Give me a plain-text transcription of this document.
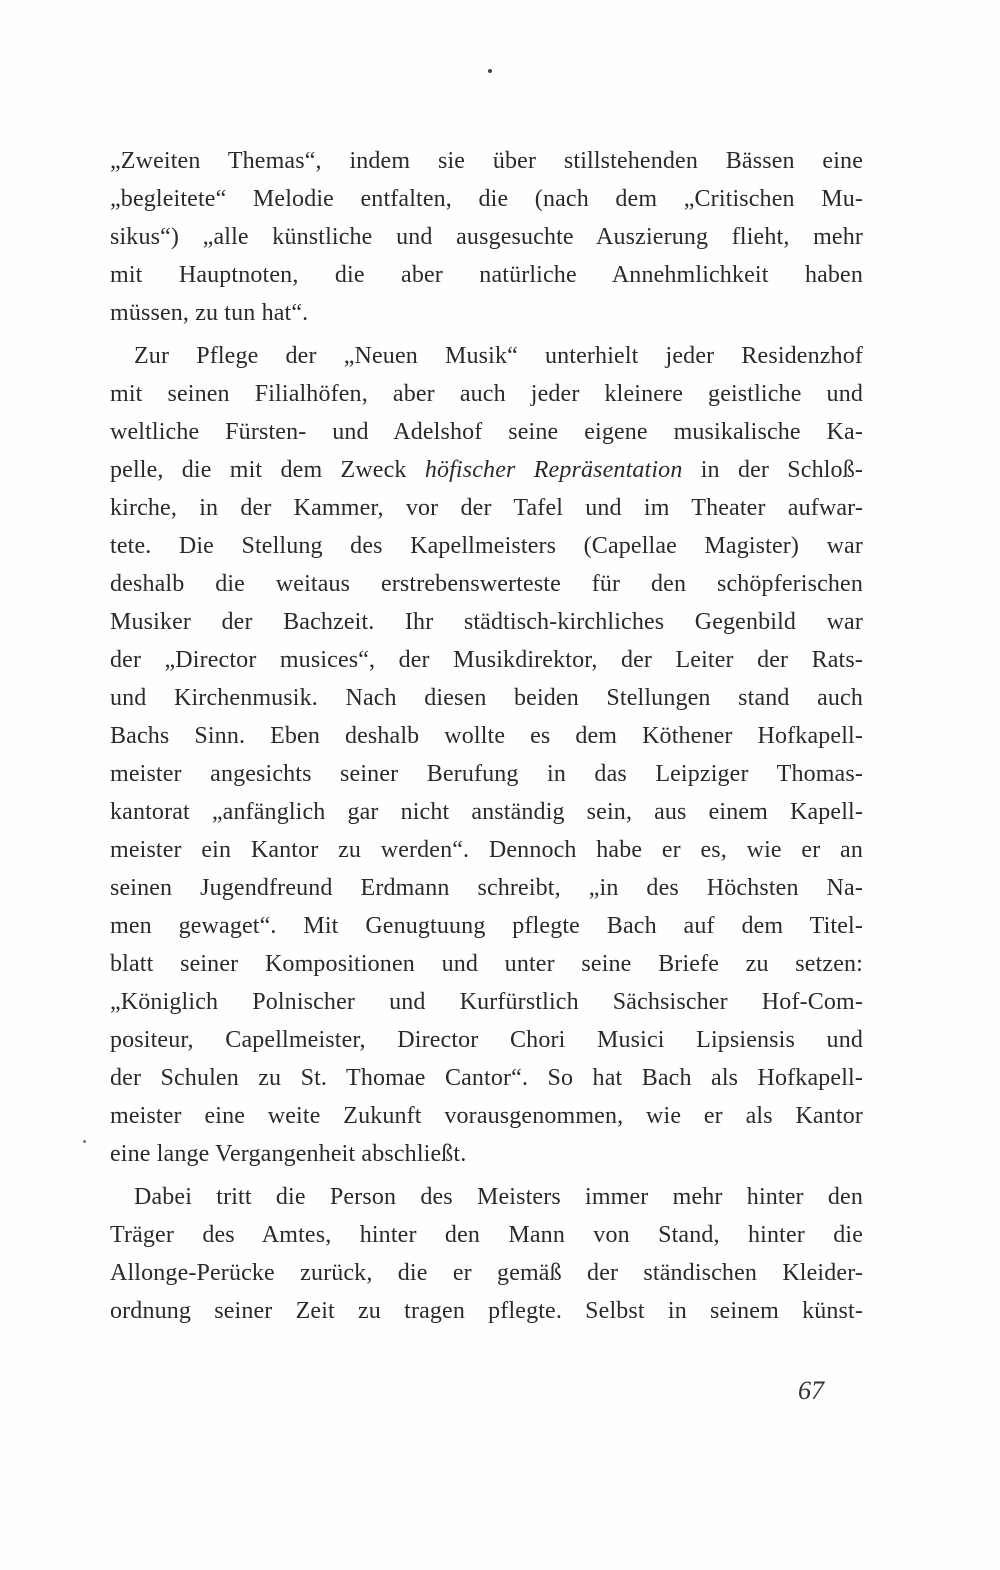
„Zweiten Themas“, indem sie über stillstehenden Bässen eine
„begleitete“ Melodie entfalten, die (nach dem „Critischen Mu-
sikus“) „alle künstliche und ausgesuchte Auszierung flieht, mehr
mit Hauptnoten, die aber natürliche Annehmlichkeit haben
müssen, zu tun hat“.
Zur Pflege der „Neuen Musik“ unterhielt jeder Residenzhof
mit seinen Filialhöfen, aber auch jeder kleinere geistliche und
weltliche Fürsten- und Adelshof seine eigene musikalische Ka-
pelle, die mit dem Zweck höfischer Repräsentation in der Schloß-
kirche, in der Kammer, vor der Tafel und im Theater aufwar-
tete. Die Stellung des Kapellmeisters (Capellae Magister) war
deshalb die weitaus erstrebenswerteste für den schöpferischen
Musiker der Bachzeit. Ihr städtisch-kirchliches Gegenbild war
der „Director musices“, der Musikdirektor, der Leiter der Rats-
und Kirchenmusik. Nach diesen beiden Stellungen stand auch
Bachs Sinn. Eben deshalb wollte es dem Köthener Hofkapell-
meister angesichts seiner Berufung in das Leipziger Thomas-
kantorat „anfänglich gar nicht anständig sein, aus einem Kapell-
meister ein Kantor zu werden“. Dennoch habe er es, wie er an
seinen Jugendfreund Erdmann schreibt, „in des Höchsten Na-
men gewaget“. Mit Genugtuung pflegte Bach auf dem Titel-
blatt seiner Kompositionen und unter seine Briefe zu setzen:
„Königlich Polnischer und Kurfürstlich Sächsischer Hof-Com-
positeur, Capellmeister, Director Chori Musici Lipsiensis und
der Schulen zu St. Thomae Cantor“. So hat Bach als Hofkapell-
meister eine weite Zukunft vorausgenommen, wie er als Kantor
eine lange Vergangenheit abschließt.
Dabei tritt die Person des Meisters immer mehr hinter den
Träger des Amtes, hinter den Mann von Stand, hinter die
Allonge-Perücke zurück, die er gemäß der ständischen Kleider-
ordnung seiner Zeit zu tragen pflegte. Selbst in seinem künst-
67
